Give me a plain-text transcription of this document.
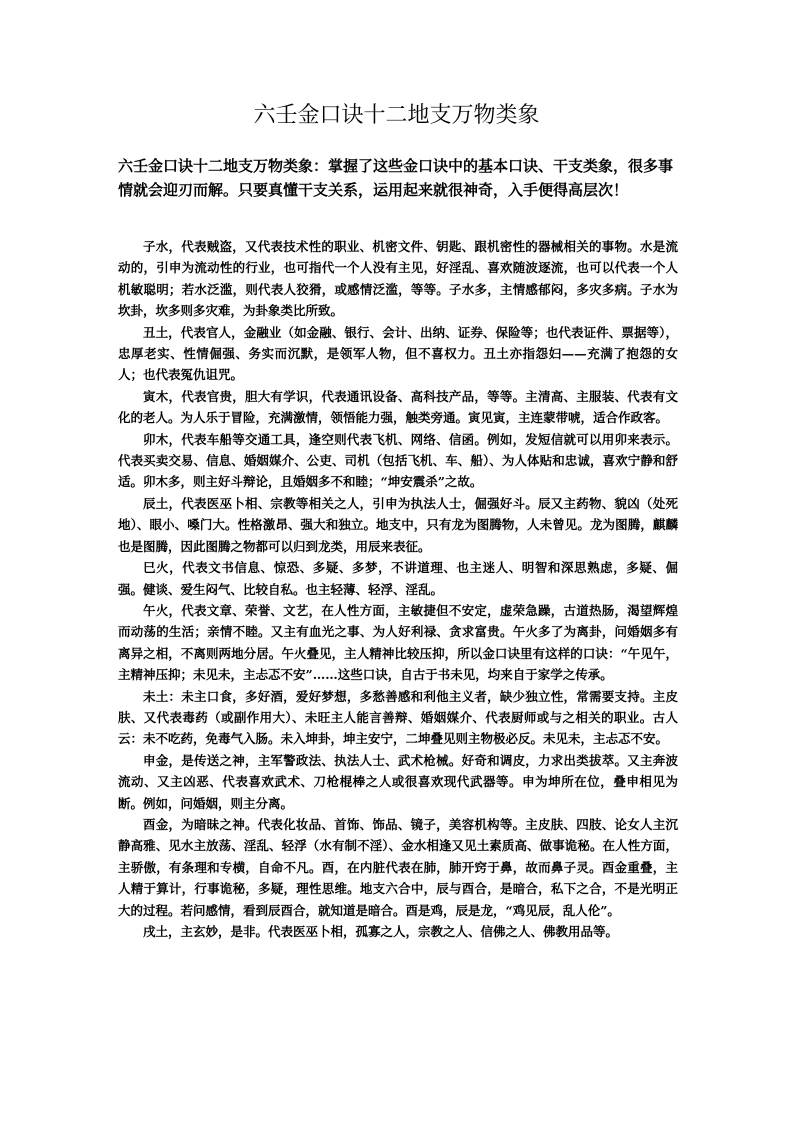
六壬金口诀十二地支万物类象
六壬金口诀十二地支万物类象：掌握了这些金口诀中的基本口诀、干支类象，很多事情就会迎刃而解。只要真懂干支关系，运用起来就很神奇，入手便得高层次！

子水，代表贼盗，又代表技术性的职业、机密文件、钥匙、跟机密性的器械相关的事物。水是流动的，引申为流动性的行业，也可指代一个人没有主见，好淫乱、喜欢随波逐流，也可以代表一个人机敏聪明；若水泛滥，则代表人狡猾，或感情泛滥，等等。子水多，主情感郁闷，多灾多病。子水为坎卦，坎多则多灾难，为卦象类比所致。

丑土，代表官人，金融业（如金融、银行、会计、出纳、证券、保险等；也代表证件、票据等），忠厚老实、性情倔强、务实而沉默，是领军人物，但不喜权力。丑土亦指怨妇——充满了抱怨的女人；也代表冤仇诅咒。

寅木，代表官贵，胆大有学识，代表通讯设备、高科技产品，等等。主清高、主服装、代表有文化的老人。为人乐于冒险，充满激情，领悟能力强，触类旁通。寅见寅，主连蒙带唬，适合作政客。

卯木，代表车船等交通工具，逢空则代表飞机、网络、信函。例如，发短信就可以用卯来表示。代表买卖交易、信息、婚姻媒介、公吏、司机（包括飞机、车、船）、为人体贴和忠诚，喜欢宁静和舒适。卯木多，则主好斗辩论，且婚姻多不和睦；“坤安震杀”之故。

辰土，代表医巫卜相、宗教等相关之人，引申为执法人士，倔强好斗。辰又主药物、貌凶（处死地）、眼小、嗓门大。性格激昂、强大和独立。地支中，只有龙为图腾物，人未曾见。龙为图腾，麒麟也是图腾，因此图腾之物都可以归到龙类，用辰来表征。

巳火，代表文书信息、惊恐、多疑、多梦，不讲道理、也主迷人、明智和深思熟虑，多疑、倔强。健谈、爱生闷气、比较自私。也主轻薄、轻浮、淫乱。

午火，代表文章、荣誉、文艺，在人性方面，主敏捷但不安定，虚荣急躁，古道热肠，渴望辉煌而动荡的生活；亲情不睦。又主有血光之事、为人好利禄、贪求富贵。午火多了为离卦，问婚姻多有离异之相，不离则两地分居。午火叠见，主人精神比较压抑，所以金口诀里有这样的口诀：“午见午，主精神压抑；未见未，主忐忑不安”……这些口诀，自古于书未见，均来自于家学之传承。

未土：未主口食，多好酒，爱好梦想，多愁善感和利他主义者，缺少独立性，常需要支持。主皮肤、又代表毒药（或副作用大）、未旺主人能言善辩、婚姻媒介、代表厨师或与之相关的职业。古人云：未不吃药，免毒气入肠。未入坤卦，坤主安宁，二坤叠见则主物极必反。未见未，主忐忑不安。

申金，是传送之神，主军警政法、执法人士、武术枪械。好奇和调皮，力求出类拔萃。又主奔波流动、又主凶恶、代表喜欢武术、刀枪棍棒之人或很喜欢现代武器等。申为坤所在位，叠申相见为断。例如，问婚姻，则主分离。

酉金，为暗昧之神。代表化妆品、首饰、饰品、镜子，美容机构等。主皮肤、四肢、论女人主沉静高雅、见水主放荡、淫乱、轻浮（水有制不淫）、金水相逢又见土素质高、做事诡秘。在人性方面，主骄傲，有条理和专横，自命不凡。酉，在内脏代表在肺，肺开窍于鼻，故而鼻子灵。酉金重叠，主人精于算计，行事诡秘，多疑，理性思维。地支六合中，辰与酉合，是暗合，私下之合，不是光明正大的过程。若问感情，看到辰酉合，就知道是暗合。酉是鸡，辰是龙，“鸡见辰，乱人伦”。

戌土，主玄妙，是非。代表医巫卜相，孤寡之人，宗教之人、信佛之人、佛教用品等。
